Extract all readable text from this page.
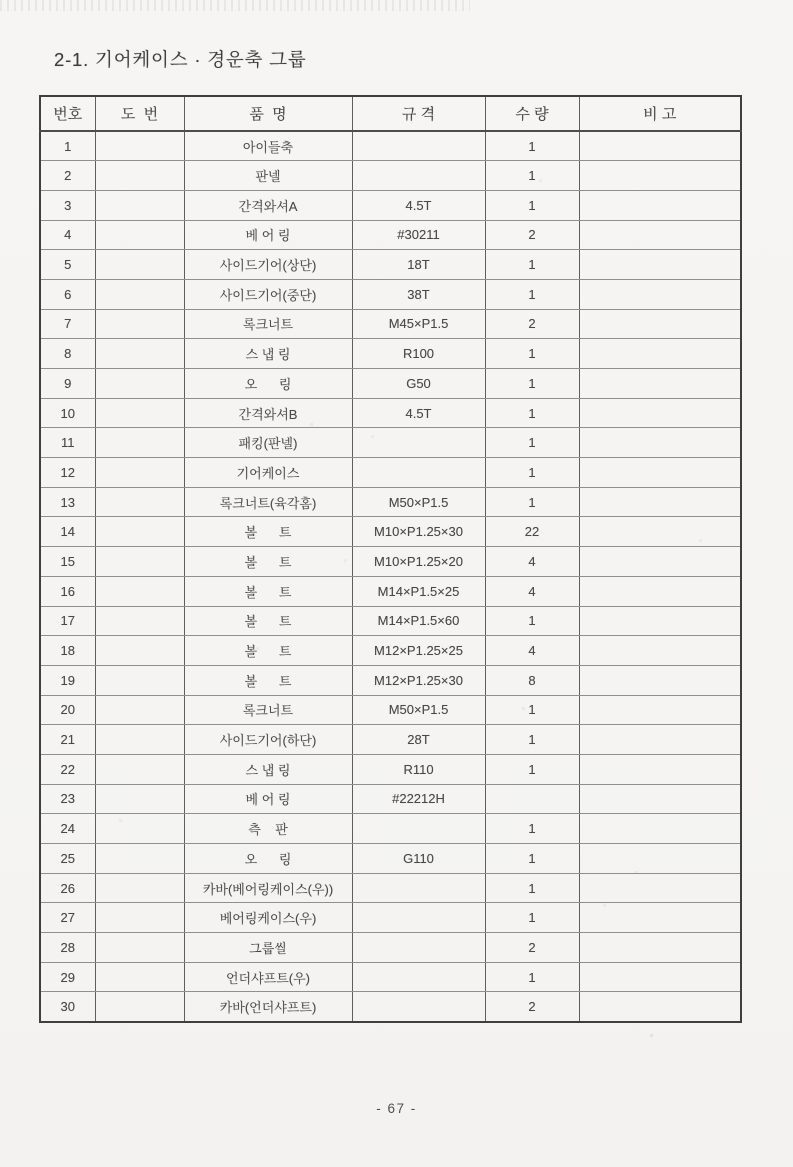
2-1. 기어케이스 · 경운축 그룹
번호	도  번	품  명	규 격	수 량	비 고
1		아이들축		1	
2		판넬		1	
3		간격와셔A	4.5T	1	
4		베 어 링	#30211	2	
5		사이드기어(상단)	18T	1	
6		사이드기어(중단)	38T	1	
7		록크너트	M45×P1.5	2	
8		스 냅 링	R100	1	
9		오      링	G50	1	
10		간격와셔B	4.5T	1	
11		패킹(판넬)		1	
12		기어케이스		1	
13		록크너트(육각홈)	M50×P1.5	1	
14		볼      트	M10×P1.25×30	22	
15		볼      트	M10×P1.25×20	4	
16		볼      트	M14×P1.5×25	4	
17		볼      트	M14×P1.5×60	1	
18		볼      트	M12×P1.25×25	4	
19		볼      트	M12×P1.25×30	8	
20		록크너트	M50×P1.5	1	
21		사이드기어(하단)	28T	1	
22		스 냅 링	R110	1	
23		베 어 링	#22212H		
24		측    판		1	
25		오      링	G110	1	
26		카바(베어링케이스(우))		1	
27		베어링케이스(우)		1	
28		그룹씰		2	
29		언더샤프트(우)		1	
30		카바(언더샤프트)		2	
- 67 -
